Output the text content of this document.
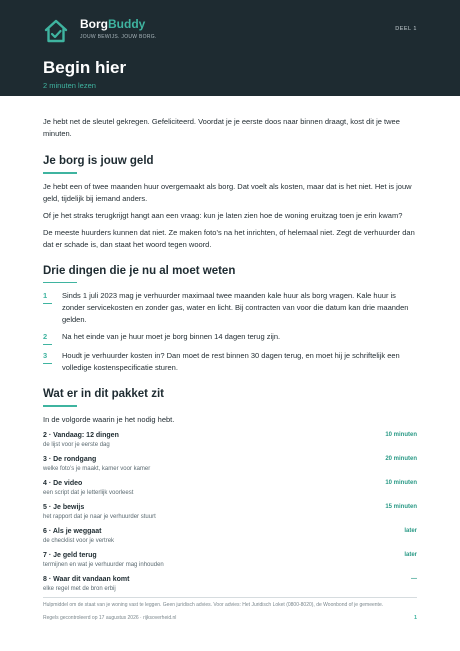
BorgBuddy
JOUW BEWIJS. JOUW BORG.
DEEL 1
Begin hier
2 minuten lezen

Je hebt net de sleutel gekregen. Gefeliciteerd. Voordat je je eerste doos naar binnen draagt, kost dit je twee minuten.

Je borg is jouw geld

Je hebt een of twee maanden huur overgemaakt als borg. Dat voelt als kosten, maar dat is het niet. Het is jouw geld, tijdelijk bij iemand anders.

Of je het straks terugkrijgt hangt aan een vraag: kun je laten zien hoe de woning eruitzag toen je erin kwam?

De meeste huurders kunnen dat niet. Ze maken foto’s na het inrichten, of helemaal niet. Zegt de verhuurder dan dat er schade is, dan staat het woord tegen woord.

Drie dingen die je nu al moet weten
1	Sinds 1 juli 2023 mag je verhuurder maximaal twee maanden kale huur als borg vragen. Kale huur is zonder servicekosten en zonder gas, water en licht. Bij contracten van voor die datum kan drie maanden gelden.
2	Na het einde van je huur moet je borg binnen 14 dagen terug zijn.
3	Houdt je verhuurder kosten in? Dan moet de rest binnen 30 dagen terug, en moet hij je schriftelijk een volledige kostenspecificatie sturen.
Wat er in dit pakket zit

In de volgorde waarin je het nodig hebt.

2 · Vandaag: 12 dingen
de lijst voor je eerste dag
10 minuten
3 · De rondgang
welke foto’s je maakt, kamer voor kamer
20 minuten
4 · De video
een script dat je letterlijk voorleest
10 minuten
5 · Je bewijs
het rapport dat je naar je verhuurder stuurt
15 minuten
6 · Als je weggaat
de checklist voor je vertrek
later
7 · Je geld terug
termijnen en wat je verhuurder mag inhouden
later
8 · Waar dit vandaan komt
elke regel met de bron erbij
—
Hulpmiddel om de staat van je woning vast te leggen. Geen juridisch advies. Voor advies: Het Juridisch Loket (0800-8020), de Woonbond of je gemeente.
Regels gecontroleerd op 17 augustus 2026 · rijksoverheid.nl	1
